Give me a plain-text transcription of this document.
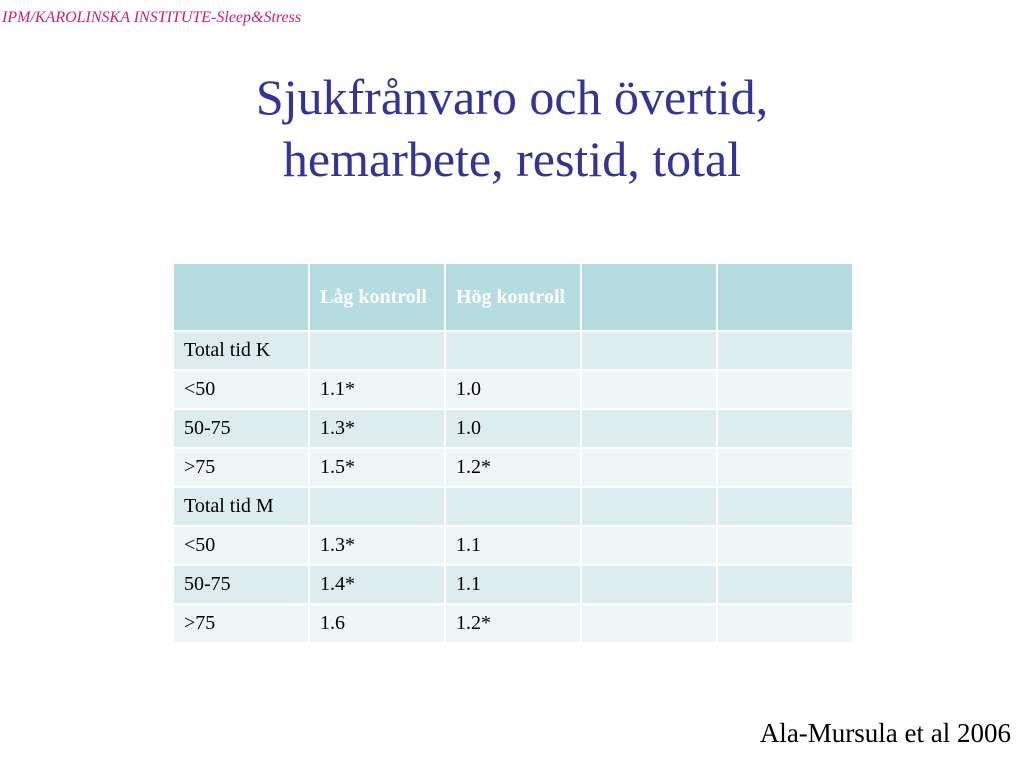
IPM/KAROLINSKA INSTITUTE-Sleep&Stress
Sjukfrånvaro och övertid,
hemarbete, restid, total
	Låg kontroll	Hög kontroll		
Total tid K				
<50	1.1*	1.0		
50-75	1.3*	1.0		
>75	1.5*	1.2*		
Total tid M				
<50	1.3*	1.1		
50-75	1.4*	1.1		
>75	1.6	1.2*		
Ala-Mursula et al 2006
